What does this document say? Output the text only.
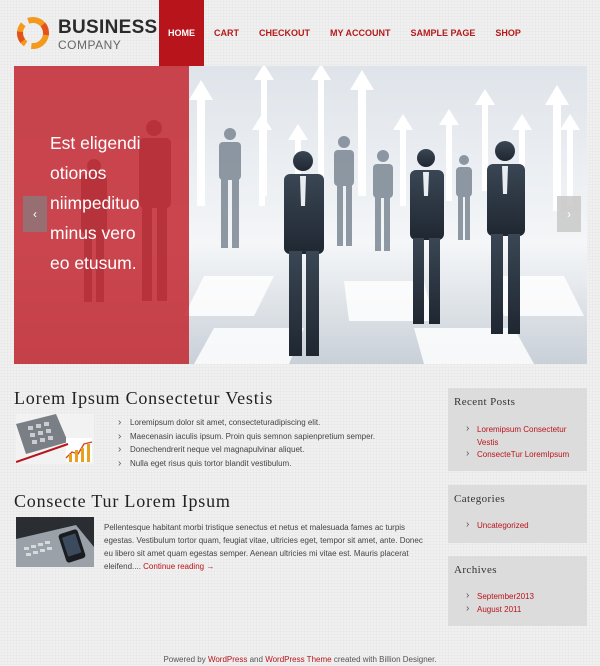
BUSINESS
COMPANY
HOME	CART	CHECKOUT	MY ACCOUNT	SAMPLE PAGE	SHOP
Est eligendi
otionos
niimpedituo
minus vero
eo etusum.
‹	›
Lorem Ipsum Consectetur Vestis
› Loremipsum dolor sit amet, consecteturadipiscing elit.
› Maecenasin iaculis ipsum. Proin quis semnon sapienpretium semper.
› Donechendrerit neque vel magnapulvinar aliquet.
› Nulla eget risus quis tortor blandit vestibulum.
Consecte Tur Lorem Ipsum
Pellentesque habitant morbi tristique senectus et netus et malesuada fames ac turpis
egestas. Vestibulum tortor quam, feugiat vitae, ultricies eget, tempor sit amet, ante. Donec
eu libero sit amet quam egestas semper. Aenean ultricies mi vitae est. Mauris placerat
eleifend.... Continue reading →
Recent Posts
› Loremipsum Consectetur Vestis
› ConsecteTur LoremIpsum
Categories
› Uncategorized
Archives
› September2013
› August 2011
Powered by WordPress and WordPress Theme created with Billion Designer.
